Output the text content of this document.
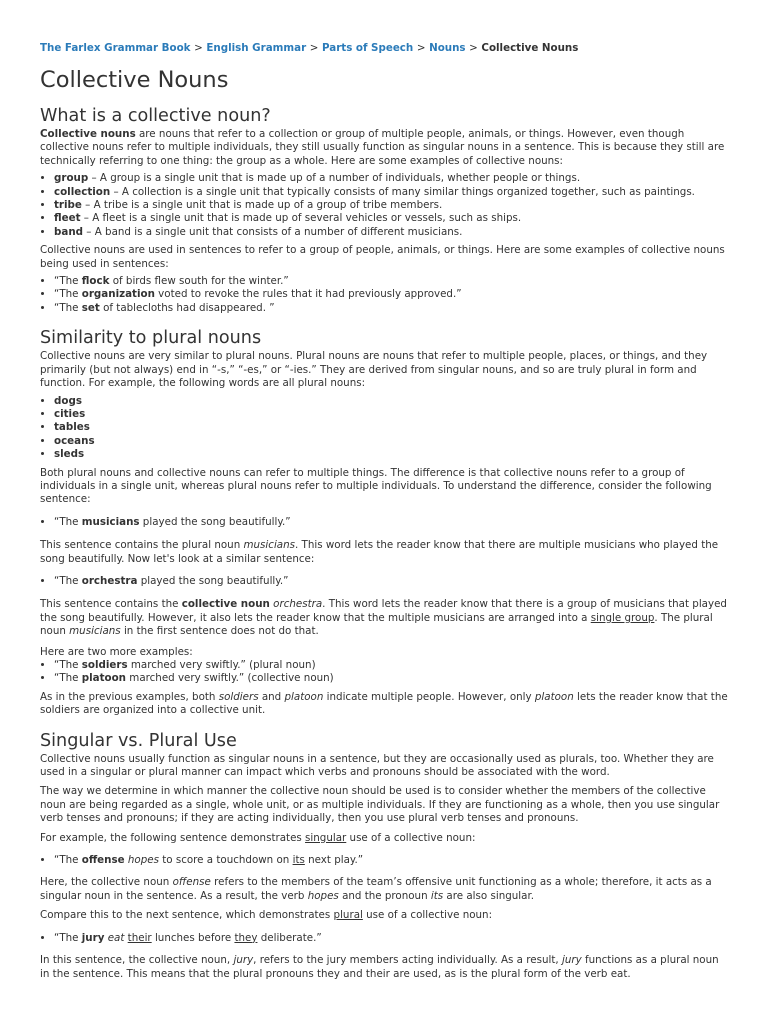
The Farlex Grammar Book > English Grammar > Parts of Speech > Nouns > Collective Nouns
Collective Nouns
What is a collective noun?

Collective nouns are nouns that refer to a collection or group of multiple people, animals, or things. However, even though collective nouns refer to multiple individuals, they still usually function as singular nouns in a sentence. This is because they still are technically referring to one thing: the group as a whole. Here are some examples of collective nouns:

• group – A group is a single unit that is made up of a number of individuals, whether people or things.
• collection – A collection is a single unit that typically consists of many similar things organized together, such as paintings.
• tribe – A tribe is a single unit that is made up of a group of tribe members.
• fleet – A fleet is a single unit that is made up of several vehicles or vessels, such as ships.
• band – A band is a single unit that consists of a number of different musicians.

Collective nouns are used in sentences to refer to a group of people, animals, or things. Here are some examples of collective nouns being used in sentences:

• “The flock of birds flew south for the winter.”
• “The organization voted to revoke the rules that it had previously approved.”
• “The set of tablecloths had disappeared. ”
Similarity to plural nouns

Collective nouns are very similar to plural nouns. Plural nouns are nouns that refer to multiple people, places, or things, and they primarily (but not always) end in “-s,” “-es,” or “-ies.” They are derived from singular nouns, and so are truly plural in form and function. For example, the following words are all plural nouns:

• dogs
• cities
• tables
• oceans
• sleds

Both plural nouns and collective nouns can refer to multiple things. The difference is that collective nouns refer to a group of individuals in a single unit, whereas plural nouns refer to multiple individuals. To understand the difference, consider the following sentence:

• “The musicians played the song beautifully.”

This sentence contains the plural noun musicians. This word lets the reader know that there are multiple musicians who played the song beautifully. Now let's look at a similar sentence:

• “The orchestra played the song beautifully.”

This sentence contains the collective noun orchestra. This word lets the reader know that there is a group of musicians that played the song beautifully. However, it also lets the reader know that the multiple musicians are arranged into a single group. The plural noun musicians in the first sentence does not do that.

Here are two more examples:

• “The soldiers marched very swiftly.” (plural noun)
• “The platoon marched very swiftly.” (collective noun)

As in the previous examples, both soldiers and platoon indicate multiple people. However, only platoon lets the reader know that the soldiers are organized into a collective unit.

Singular vs. Plural Use

Collective nouns usually function as singular nouns in a sentence, but they are occasionally used as plurals, too. Whether they are used in a singular or plural manner can impact which verbs and pronouns should be associated with the word.

The way we determine in which manner the collective noun should be used is to consider whether the members of the collective noun are being regarded as a single, whole unit, or as multiple individuals. If they are functioning as a whole, then you use singular verb tenses and pronouns; if they are acting individually, then you use plural verb tenses and pronouns.

For example, the following sentence demonstrates singular use of a collective noun:

• “The offense hopes to score a touchdown on its next play.”

Here, the collective noun offense refers to the members of the team’s offensive unit functioning as a whole; therefore, it acts as a singular noun in the sentence. As a result, the verb hopes and the pronoun its are also singular.

Compare this to the next sentence, which demonstrates plural use of a collective noun:

• “The jury eat their lunches before they deliberate.”

In this sentence, the collective noun, jury, refers to the jury members acting individually. As a result, jury functions as a plural noun in the sentence. This means that the plural pronouns they and their are used, as is the plural form of the verb eat.
